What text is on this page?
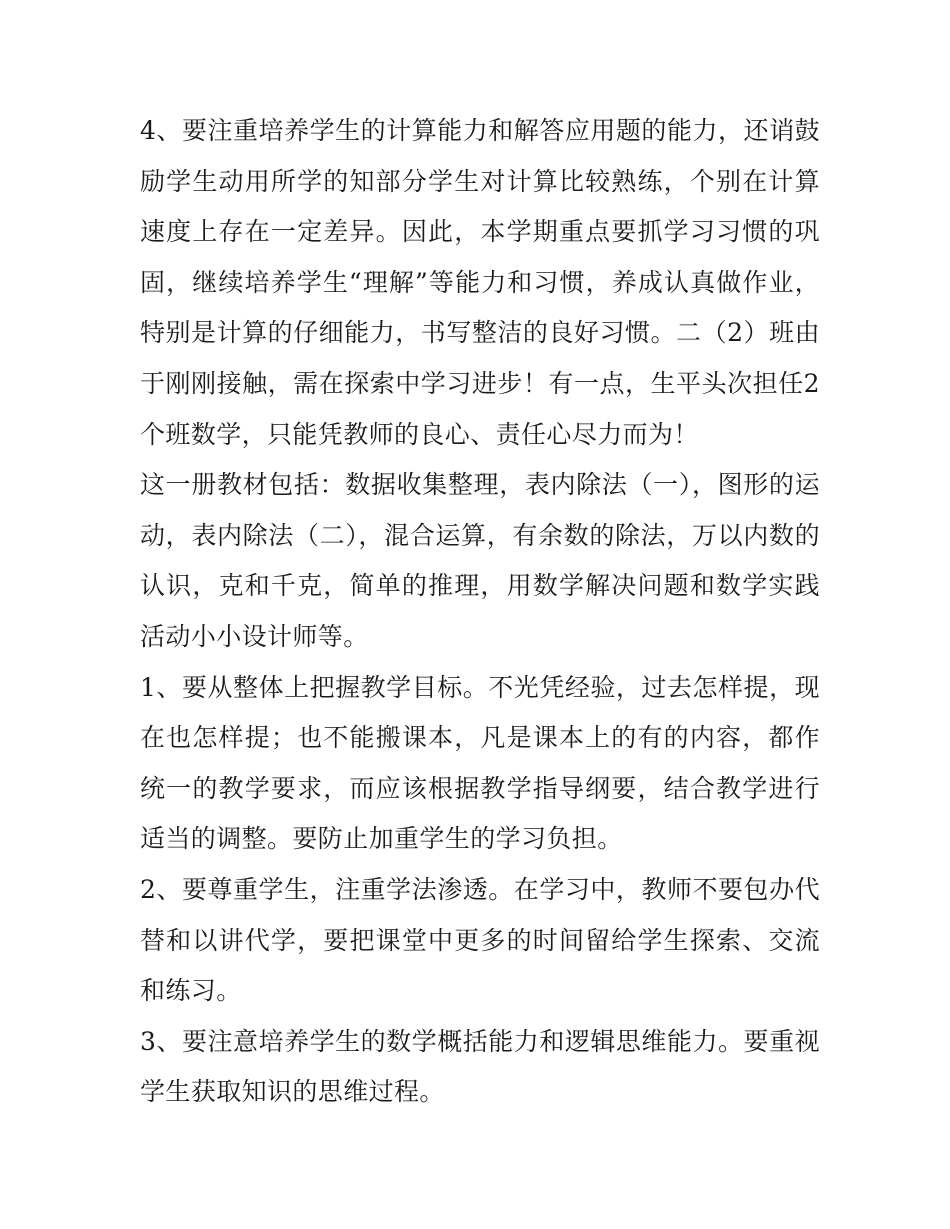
4、要注重培养学生的计算能力和解答应用题的能力，还诮鼓励学生动用所学的知部分学生对计算比较熟练，个别在计算速度上存在一定差异。因此，本学期重点要抓学习习惯的巩固，继续培养学生“理解”等能力和习惯，养成认真做作业，特别是计算的仔细能力，书写整洁的良好习惯。二（2）班由于刚刚接触，需在探索中学习进步！有一点，生平头次担任2个班数学，只能凭教师的良心、责任心尽力而为！

这一册教材包括：数据收集整理，表内除法（一），图形的运动，表内除法（二），混合运算，有余数的除法，万以内数的认识，克和千克，简单的推理，用数学解决问题和数学实践活动小小设计师等。

1、要从整体上把握教学目标。不光凭经验，过去怎样提，现在也怎样提；也不能搬课本，凡是课本上的有的内容，都作统一的教学要求，而应该根据教学指导纲要，结合教学进行适当的调整。要防止加重学生的学习负担。

2、要尊重学生，注重学法渗透。在学习中，教师不要包办代替和以讲代学，要把课堂中更多的时间留给学生探索、交流和练习。

3、要注意培养学生的数学概括能力和逻辑思维能力。要重视学生获取知识的思维过程。
